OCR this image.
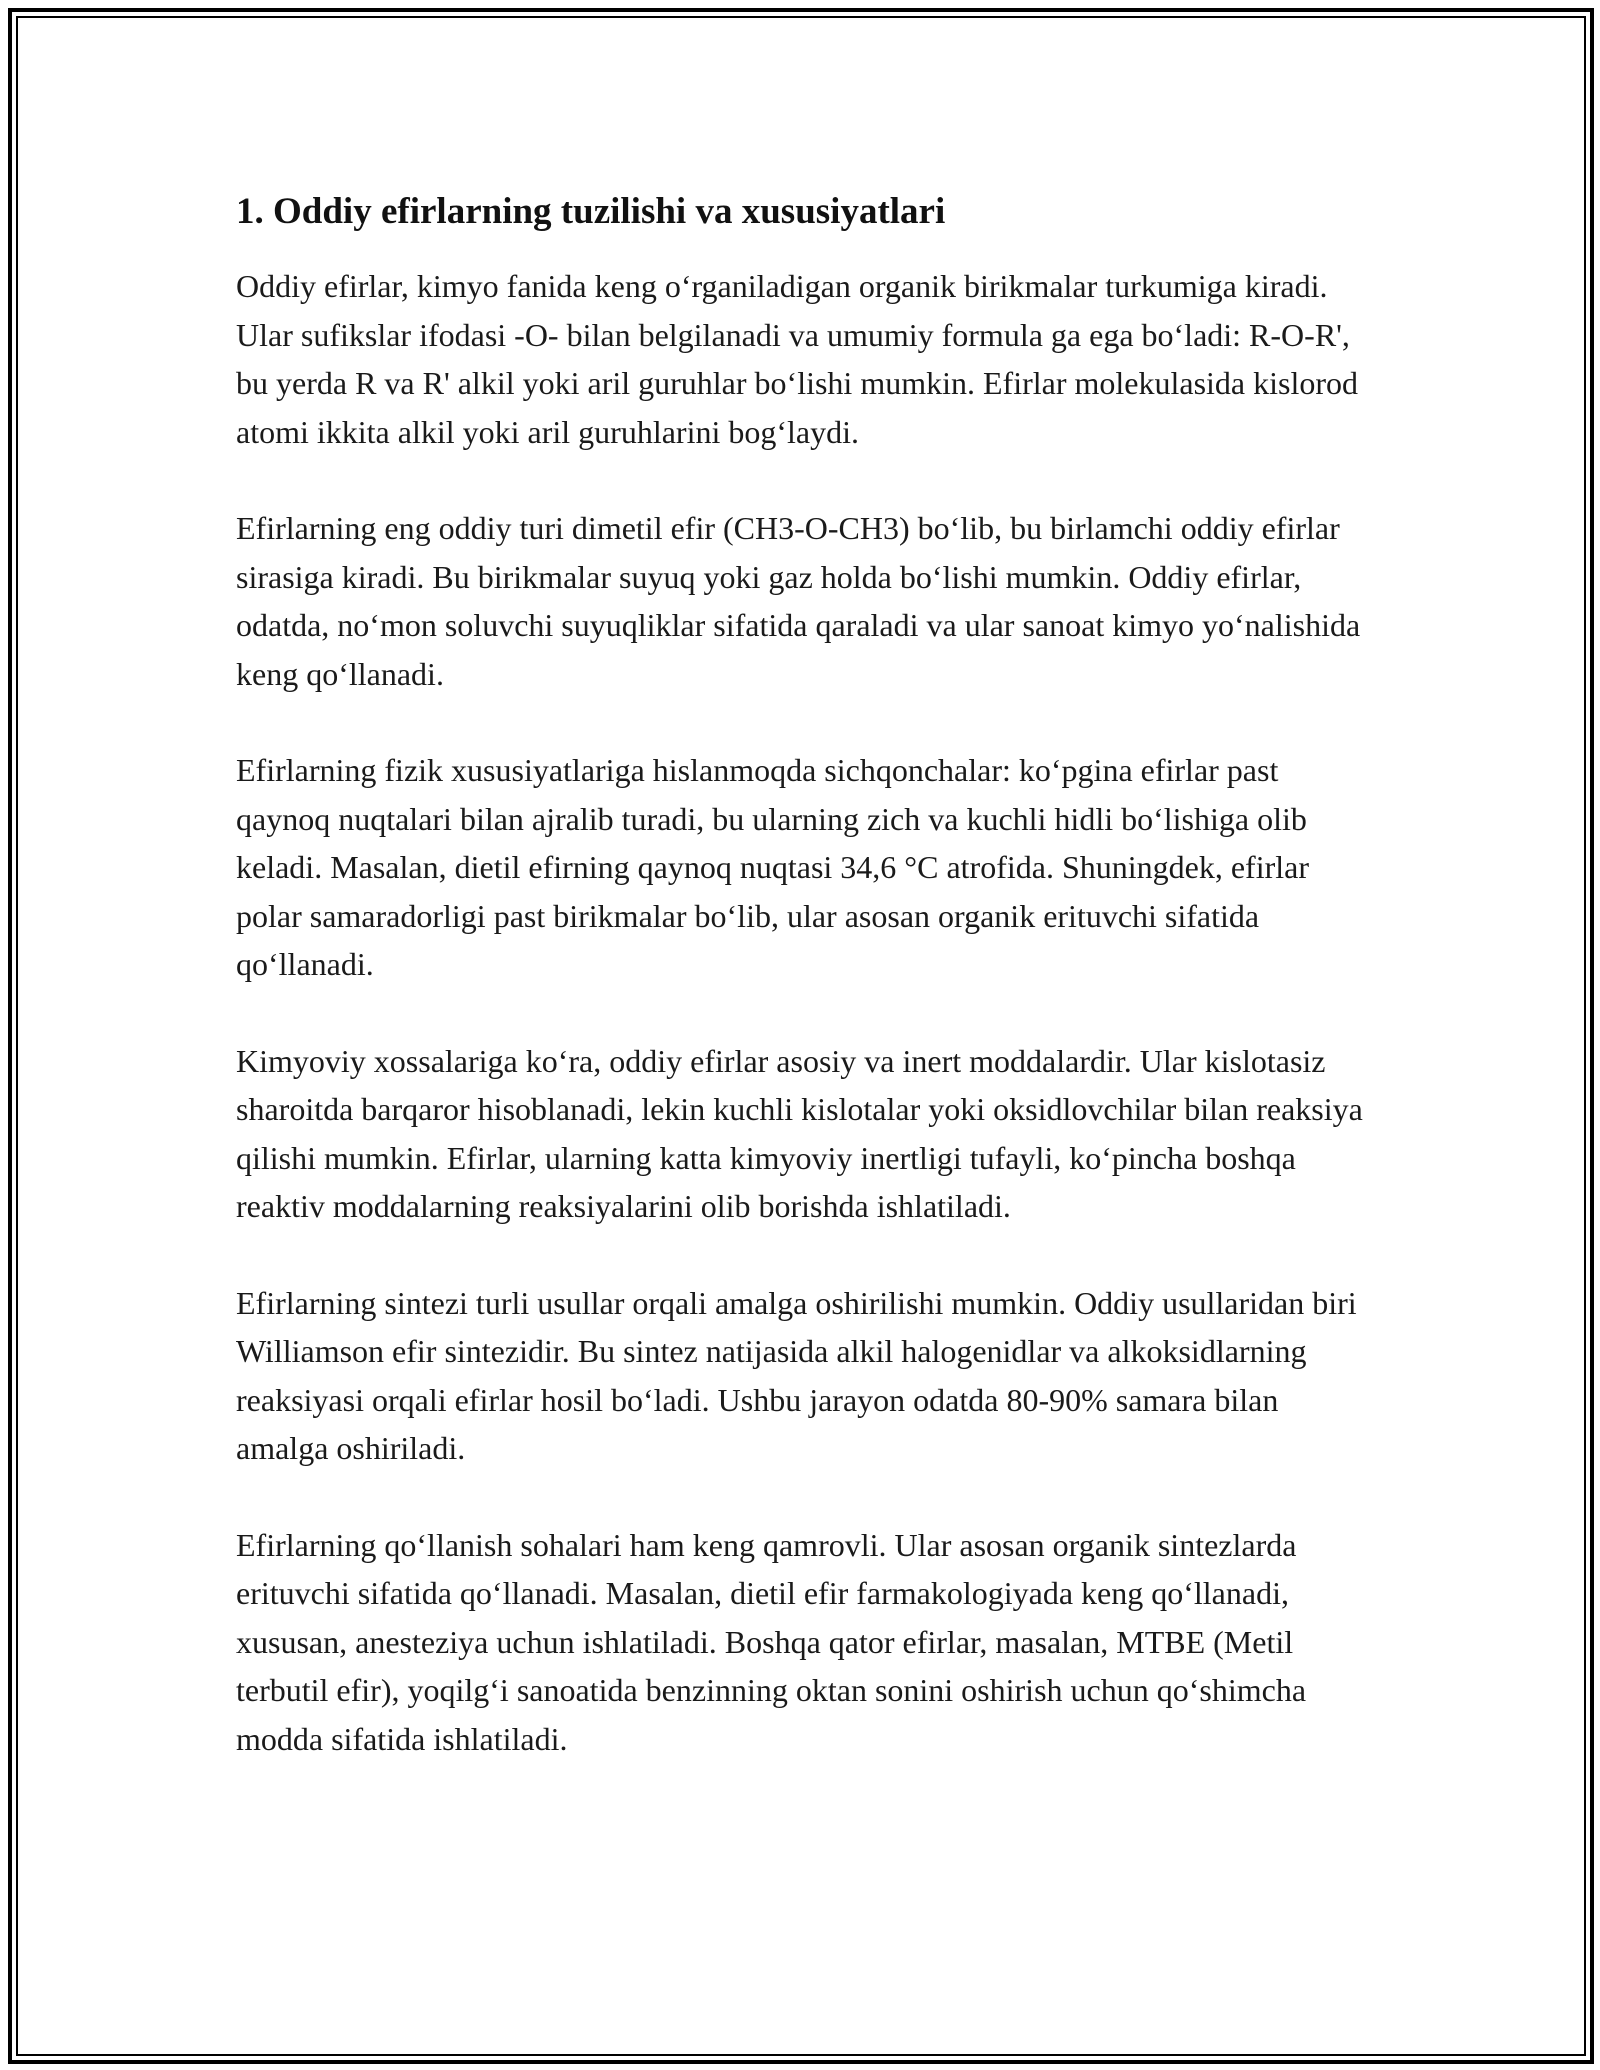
1. Oddiy efirlarning tuzilishi va xususiyatlari

Oddiy efirlar, kimyo fanida keng o‘rganiladigan organik birikmalar turkumiga kiradi. Ular sufikslar ifodasi -O- bilan belgilanadi va umumiy formula ga ega bo‘ladi: R-O-R', bu yerda R va R' alkil yoki aril guruhlar bo‘lishi mumkin. Efirlar molekulasida kislorod atomi ikkita alkil yoki aril guruhlarini bog‘laydi.

Efirlarning eng oddiy turi dimetil efir (CH3-O-CH3) bo‘lib, bu birlamchi oddiy efirlar sirasiga kiradi. Bu birikmalar suyuq yoki gaz holda bo‘lishi mumkin. Oddiy efirlar, odatda, no‘mon soluvchi suyuqliklar sifatida qaraladi va ular sanoat kimyo yo‘nalishida keng qo‘llanadi.

Efirlarning fizik xususiyatlariga hislanmoqda sichqonchalar: ko‘pgina efirlar past qaynoq nuqtalari bilan ajralib turadi, bu ularning zich va kuchli hidli bo‘lishiga olib keladi. Masalan, dietil efirning qaynoq nuqtasi 34,6 °C atrofida. Shuningdek, efirlar polar samaradorligi past birikmalar bo‘lib, ular asosan organik erituvchi sifatida qo‘llanadi.

Kimyoviy xossalariga ko‘ra, oddiy efirlar asosiy va inert moddalardir. Ular kislotasiz sharoitda barqaror hisoblanadi, lekin kuchli kislotalar yoki oksidlovchilar bilan reaksiya qilishi mumkin. Efirlar, ularning katta kimyoviy inertligi tufayli, ko‘pincha boshqa reaktiv moddalarning reaksiyalarini olib borishda ishlatiladi.

Efirlarning sintezi turli usullar orqali amalga oshirilishi mumkin. Oddiy usullaridan biri Williamson efir sintezidir. Bu sintez natijasida alkil halogenidlar va alkoksidlarning reaksiyasi orqali efirlar hosil bo‘ladi. Ushbu jarayon odatda 80-90% samara bilan amalga oshiriladi.

Efirlarning qo‘llanish sohalari ham keng qamrovli. Ular asosan organik sintezlarda erituvchi sifatida qo‘llanadi. Masalan, dietil efir farmakologiyada keng qo‘llanadi, xususan, anesteziya uchun ishlatiladi. Boshqa qator efirlar, masalan, MTBE (Metil terbutil efir), yoqilg‘i sanoatida benzinning oktan sonini oshirish uchun qo‘shimcha modda sifatida ishlatiladi.
